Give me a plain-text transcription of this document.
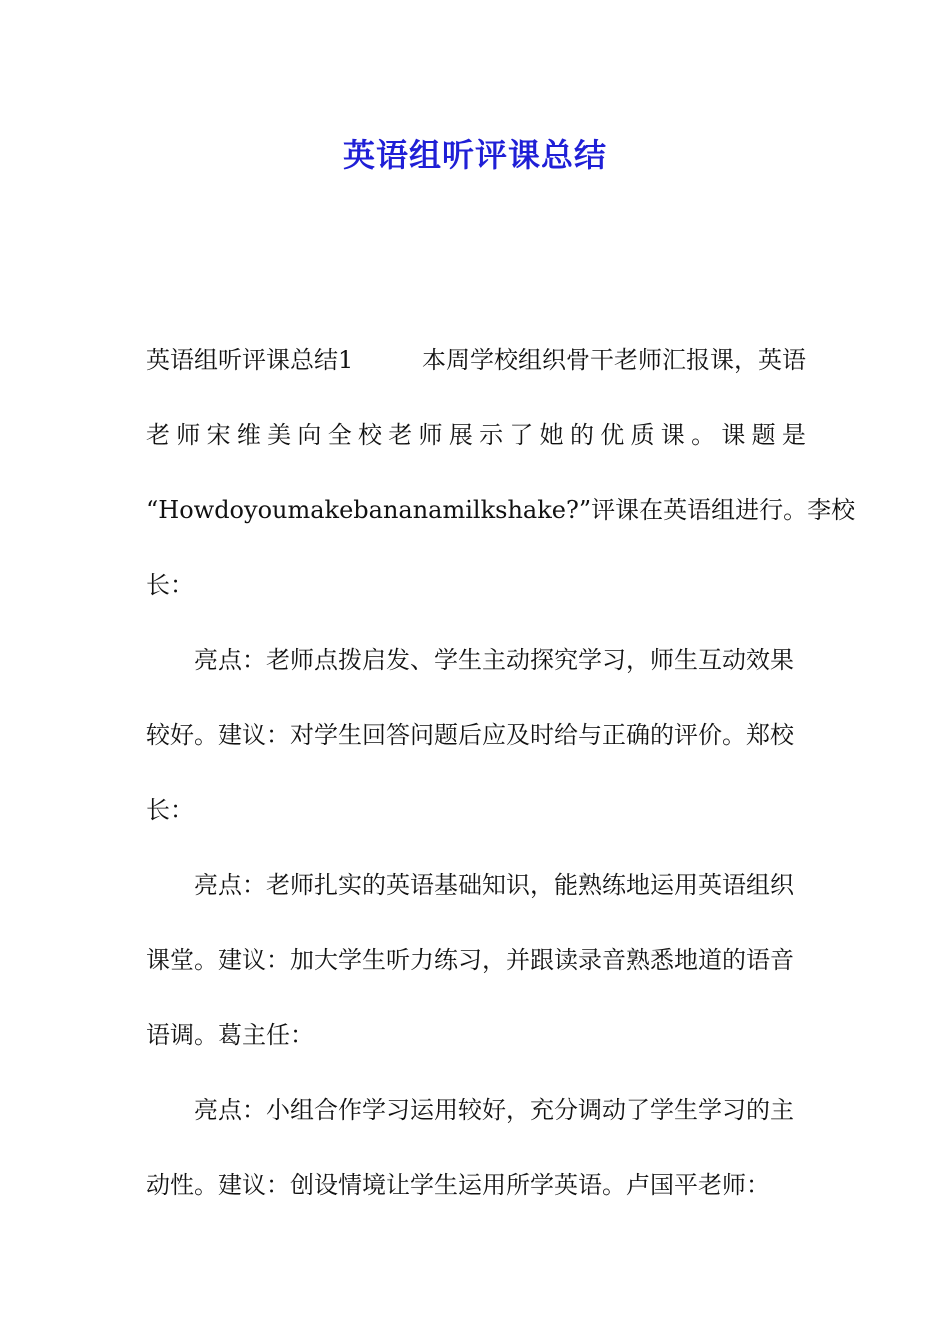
英语组听评课总结
英语组听评课总结1	本周学校组织骨干老师汇报课，英语
老 师 宋 维 美 向 全 校 老 师 展 示 了 她 的 优 质 课 。 课 题 是
“Howdoyoumakebananamilkshake?”评课在英语组进行。李校
长：
亮点：老师点拨启发、学生主动探究学习，师生互动效果
较好。建议：对学生回答问题后应及时给与正确的评价。郑校
长：
亮点：老师扎实的英语基础知识，能熟练地运用英语组织
课堂。建议：加大学生听力练习，并跟读录音熟悉地道的语音
语调。葛主任：
亮点：小组合作学习运用较好，充分调动了学生学习的主
动性。建议：创设情境让学生运用所学英语。卢国平老师：
